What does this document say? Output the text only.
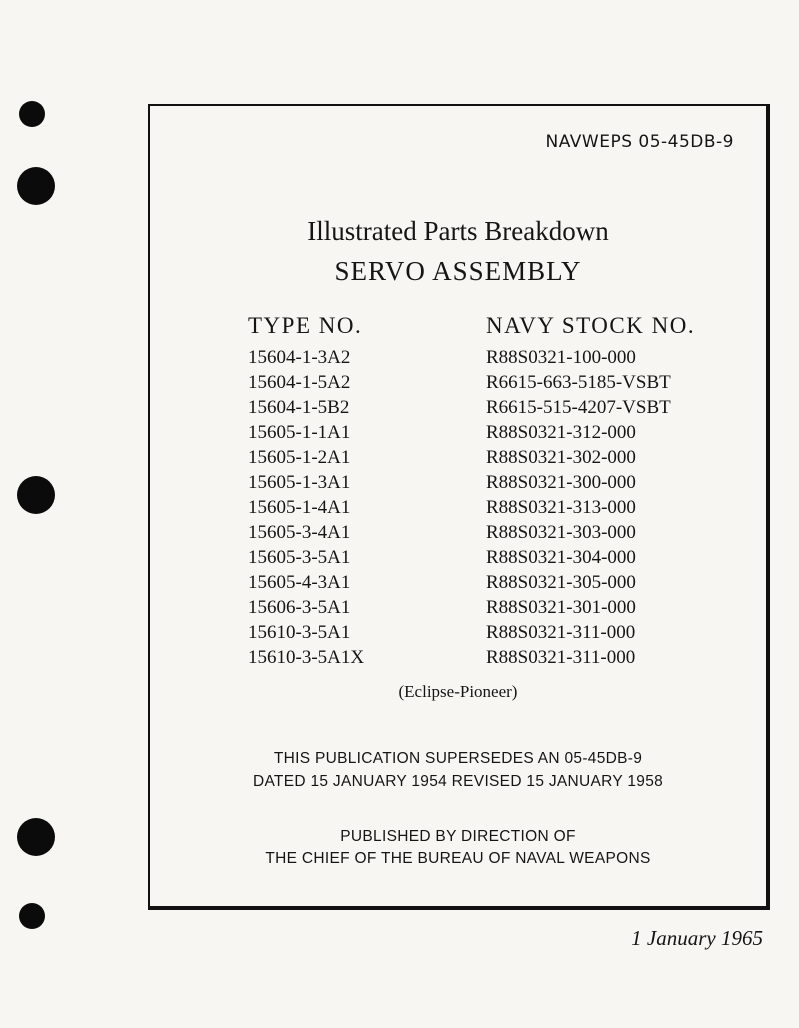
NAVWEPS 05-45DB-9
Illustrated Parts Breakdown
SERVO ASSEMBLY
TYPE NO.	NAVY STOCK NO.
15604-1-3A2	R88S0321-100-000
15604-1-5A2	R6615-663-5185-VSBT
15604-1-5B2	R6615-515-4207-VSBT
15605-1-1A1	R88S0321-312-000
15605-1-2A1	R88S0321-302-000
15605-1-3A1	R88S0321-300-000
15605-1-4A1	R88S0321-313-000
15605-3-4A1	R88S0321-303-000
15605-3-5A1	R88S0321-304-000
15605-4-3A1	R88S0321-305-000
15606-3-5A1	R88S0321-301-000
15610-3-5A1	R88S0321-311-000
15610-3-5A1X	R88S0321-311-000
(Eclipse-Pioneer)
THIS PUBLICATION SUPERSEDES AN 05-45DB-9
DATED 15 JANUARY 1954 REVISED 15 JANUARY 1958
PUBLISHED BY DIRECTION OF
THE CHIEF OF THE BUREAU OF NAVAL WEAPONS
1 January 1965
